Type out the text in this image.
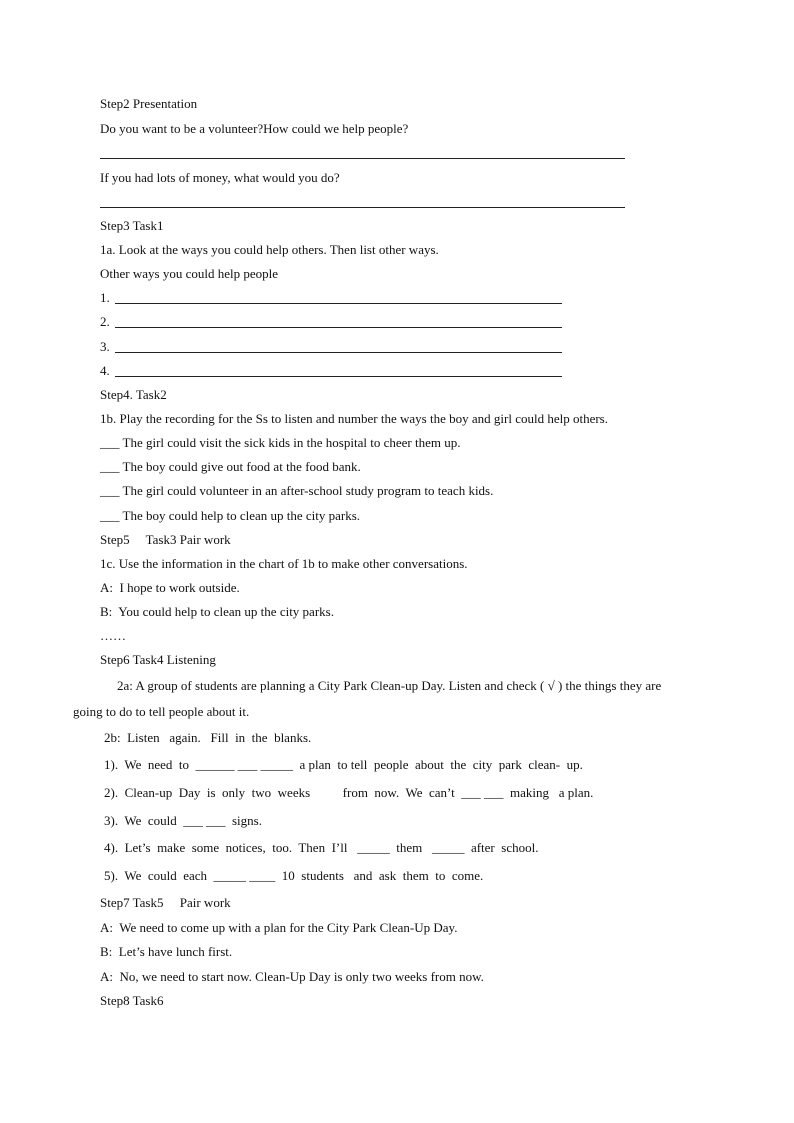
Step2 Presentation
Do you want to be a volunteer?How could we help people?
If you had lots of money, what would you do?
Step3 Task1
1a. Look at the ways you could help others. Then list other ways.
Other ways you could help people
1.
2.
3.
4.
Step4. Task2
1b. Play the recording for the Ss to listen and number the ways the boy and girl could help others.
___ The girl could visit the sick kids in the hospital to cheer them up.
___ The boy could give out food at the food bank.
___ The girl could volunteer in an after-school study program to teach kids.
___ The boy could help to clean up the city parks.
Step5     Task3 Pair work
1c. Use the information in the chart of 1b to make other conversations.
A:  I hope to work outside.
B:  You could help to clean up the city parks.
……
Step6 Task4 Listening
2a: A group of students are planning a City Park Clean-up Day. Listen and check ( √ ) the things they are
going to do to tell people about it.
2b:  Listen   again.   Fill  in  the  blanks.
1).  We  need  to  ______ ___ _____  a plan  to tell  people  about  the  city  park  clean-  up.
2).  Clean-up  Day  is  only  two  weeks          from  now.  We  can’t  ___ ___  making   a plan.
3).  We  could  ___ ___  signs.
4).  Let’s  make  some  notices,  too.  Then  I’ll   _____  them   _____  after  school.
5).  We  could  each  _____ ____  10  students   and  ask  them  to  come.
Step7 Task5     Pair work
A:  We need to come up with a plan for the City Park Clean-Up Day.
B:  Let’s have lunch first.
A:  No, we need to start now. Clean-Up Day is only two weeks from now.
Step8 Task6
